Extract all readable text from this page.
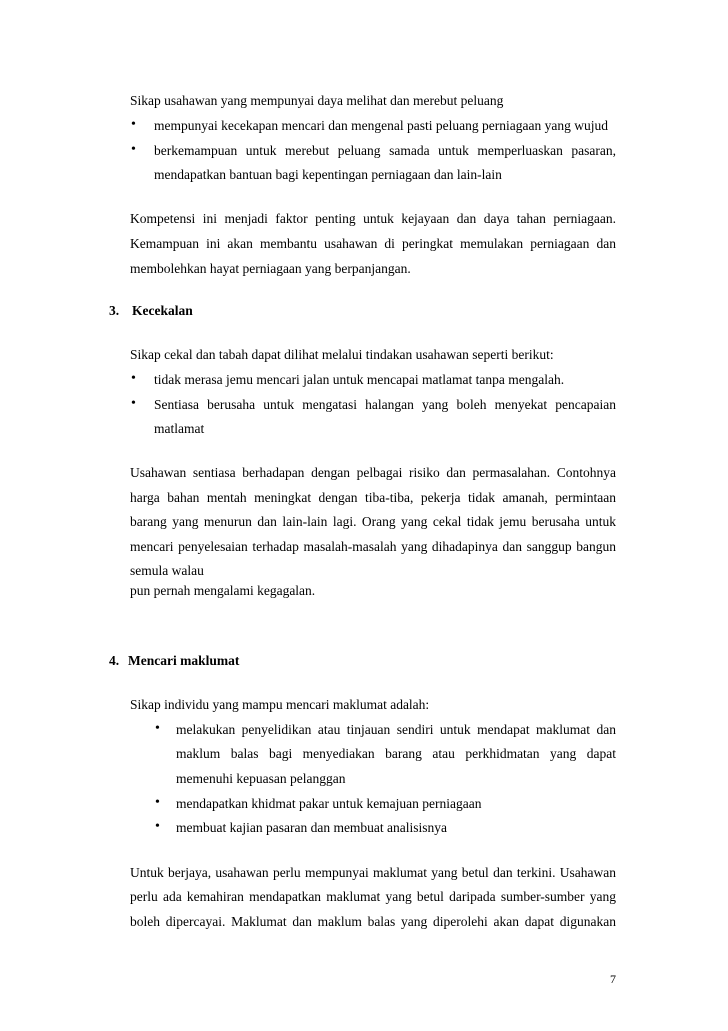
Sikap usahawan yang mempunyai daya melihat dan merebut peluang
• mempunyai kecekapan mencari dan mengenal pasti peluang perniagaan yang wujud
• berkemampuan untuk merebut peluang samada untuk memperluaskan pasaran,
mendapatkan bantuan bagi kepentingan perniagaan dan lain-lain
Kompetensi ini menjadi faktor penting untuk kejayaan dan daya tahan perniagaan.
Kemampuan ini akan membantu usahawan di peringkat memulakan perniagaan dan
membolehkan hayat perniagaan yang berpanjangan.
3. Kecekalan
Sikap cekal dan tabah dapat dilihat melalui tindakan usahawan seperti berikut:
• tidak merasa jemu mencari jalan untuk mencapai matlamat tanpa mengalah.
• Sentiasa berusaha untuk mengatasi halangan yang boleh menyekat pencapaian
matlamat
Usahawan sentiasa berhadapan dengan pelbagai risiko dan permasalahan. Contohnya
harga bahan mentah meningkat dengan tiba-tiba, pekerja tidak amanah, permintaan
barang yang menurun dan lain-lain lagi. Orang yang cekal tidak jemu berusaha untuk
mencari penyelesaian terhadap masalah-masalah yang dihadapinya dan sanggup bangun
semula walau
pun pernah mengalami kegagalan.
4. Mencari maklumat
Sikap individu yang mampu mencari maklumat adalah:
• melakukan penyelidikan atau tinjauan sendiri untuk mendapat maklumat dan
maklum balas bagi menyediakan barang atau perkhidmatan yang dapat
memenuhi kepuasan pelanggan
• mendapatkan khidmat pakar untuk kemajuan perniagaan
• membuat kajian pasaran dan membuat analisisnya
Untuk berjaya, usahawan perlu mempunyai maklumat yang betul dan terkini. Usahawan
perlu ada kemahiran mendapatkan maklumat yang betul daripada sumber-sumber yang
boleh dipercayai. Maklumat dan maklum balas yang diperolehi akan dapat digunakan
7
